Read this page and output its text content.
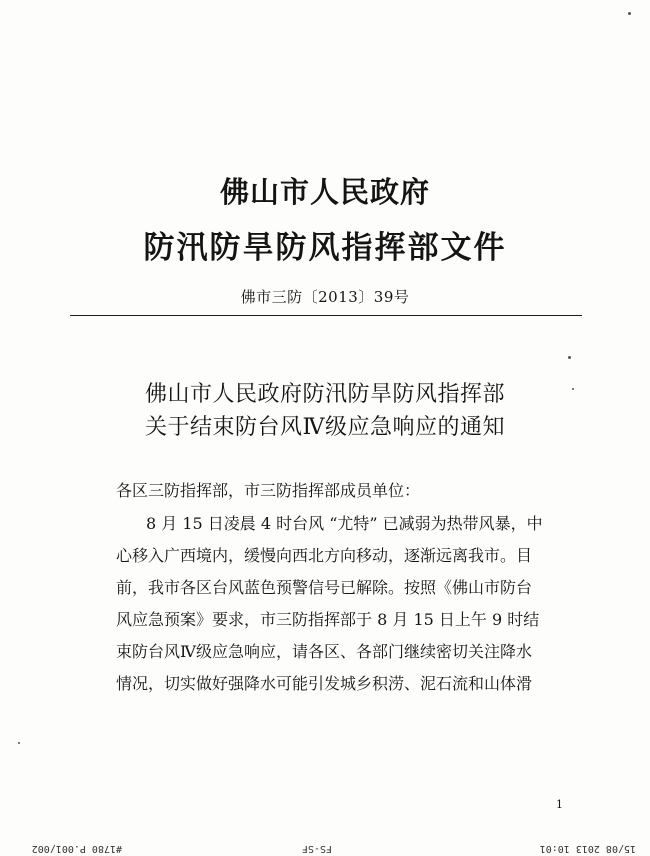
佛山市人民政府
防汛防旱防风指挥部文件
佛市三防〔2013〕39号
佛山市人民政府防汛防旱防风指挥部
关于结束防台风Ⅳ级应急响应的通知
各区三防指挥部，市三防指挥部成员单位：
8 月 15 日凌晨 4 时台风 “尤特” 已减弱为热带风暴，中
心移入广西境内，缓慢向西北方向移动，逐渐远离我市。目
前，我市各区台风蓝色预警信号已解除。按照《佛山市防台
风应急预案》要求，市三防指挥部于 8 月 15 日上午 9 时结
束防台风Ⅳ级应急响应，请各区、各部门继续密切关注降水
情况，切实做好强降水可能引发城乡积涝、泥石流和山体滑
1
15/08 2013 10:01
FS-SF
#1780 P.001/002
